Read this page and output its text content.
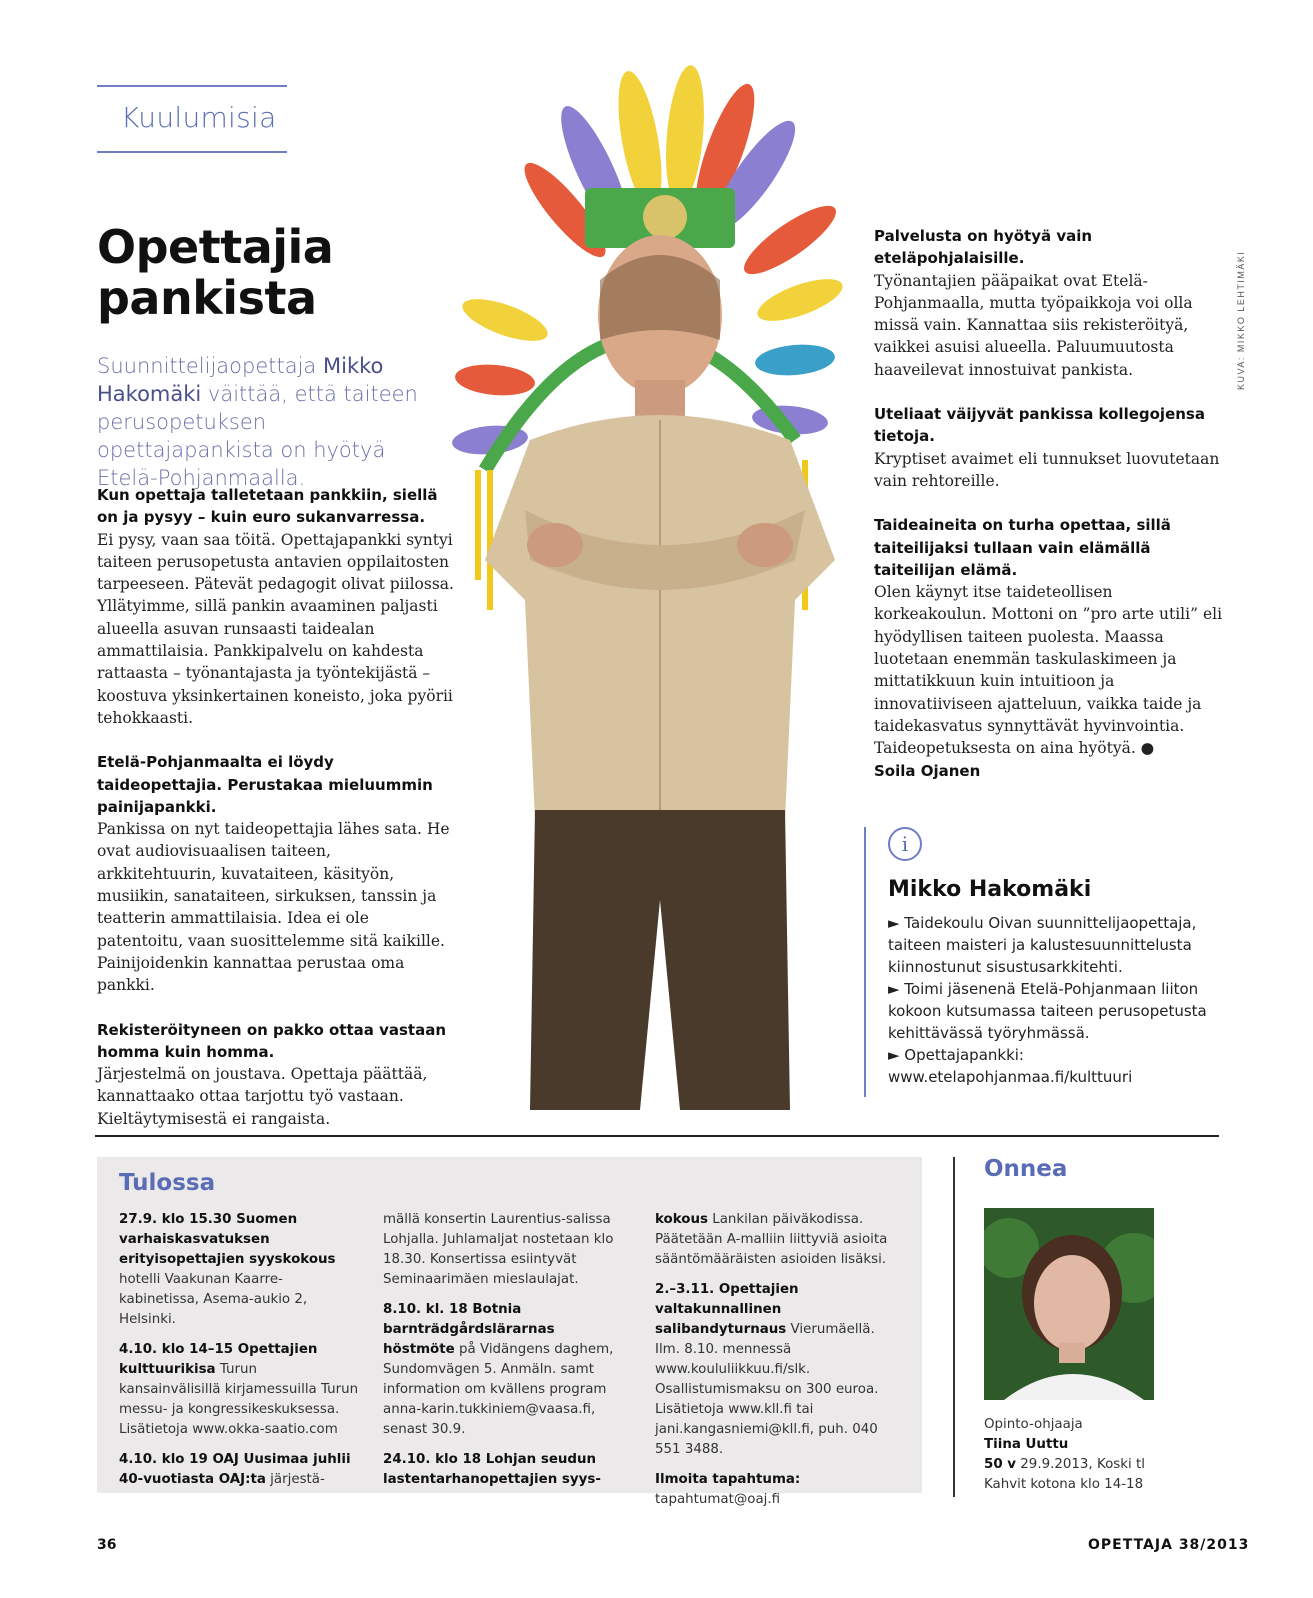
Kuulumisia
Opettajia
pankista
Suunnittelijaopettaja Mikko Hakomäki väittää, että taiteen perusopetuksen opettajapankista on hyötyä Etelä-Pohjanmaalla.

Kun opettaja talletetaan pankkiin, siellä on ja pysyy – kuin euro sukanvarressa.
Ei pysy, vaan saa töitä. Opettajapankki syntyi taiteen perusopetusta antavien oppilaitosten tarpeeseen. Pätevät pedagogit olivat piilossa. Yllätyimme, sillä pankin avaaminen paljasti alueella asuvan runsaasti taidealan ammattilaisia. Pankkipalvelu on kahdesta rattaasta – työnantajasta ja työntekijästä – koostuva yksinkertainen koneisto, joka pyörii tehokkaasti.

Etelä-Pohjanmaalta ei löydy taideopettajia. Perustakaa mieluummin painijapankki.
Pankissa on nyt taideopettajia lähes sata. He ovat audiovisuaalisen taiteen, arkkitehtuurin, kuvataiteen, käsityön, musiikin, sanataiteen, sirkuksen, tanssin ja teatterin ammattilaisia. Idea ei ole patentoitu, vaan suosittelemme sitä kaikille. Painijoidenkin kannattaa perustaa oma pankki.

Rekisteröityneen on pakko ottaa vastaan homma kuin homma.
Järjestelmä on joustava. Opettaja päättää, kannattaako ottaa tarjottu työ vastaan. Kieltäytymisestä ei rangaista.

KUVA: MIKKO LEHTIMÄKI

Palvelusta on hyötyä vain eteläpohjalaisille.
Työnantajien pääpaikat ovat Etelä-Pohjanmaalla, mutta työpaikkoja voi olla missä vain. Kannattaa siis rekisteröityä, vaikkei asuisi alueella. Paluumuutosta haaveilevat innostuivat pankista.

Uteliaat väijyvät pankissa kollegojensa tietoja.
Kryptiset avaimet eli tunnukset luovutetaan vain rehtoreille.

Taideaineita on turha opettaa, sillä taiteilijaksi tullaan vain elämällä taiteilijan elämä.
Olen käynyt itse taideteollisen korkeakoulun. Mottoni on ”pro arte utili” eli hyödyllisen taiteen puolesta. Maassa luotetaan enemmän taskulaskimeen ja mittatikkuun kuin intuitioon ja innovatiiviseen ajatteluun, vaikka taide ja taidekasvatus synnyttävät hyvinvointia. Taideopetuksesta on aina hyötyä. ●

Soila Ojanen
i
Mikko Hakomäki
► Taidekoulu Oivan suunnittelijaopettaja, taiteen maisteri ja kalustesuunnittelusta kiinnostunut sisustusarkkitehti.
► Toimi jäsenenä Etelä-Pohjanmaan liiton kokoon kutsumassa taiteen perusopetusta kehittävässä työryhmässä.
► Opettajapankki: www.etelapohjanmaa.fi/kulttuuri
Tulossa

27.9. klo 15.30 Suomen varhaiskasvatuksen erityisopettajien syyskokous hotelli Vaakunan Kaarre-kabinetissa, Asema-aukio 2, Helsinki.

4.10. klo 14–15 Opettajien kulttuurikisa Turun kansainvälisillä kirjamessuilla Turun messu- ja kongressikeskuksessa. Lisätietoja www.okka-saatio.com

4.10. klo 19 OAJ Uusimaa juhlii 40-vuotiasta OAJ:ta järjestä-

mällä konsertin Laurentius-salissa Lohjalla. Juhlamaljat nostetaan klo 18.30. Konsertissa esiintyvät Seminaarimäen mieslaulajat.

8.10. kl. 18 Botnia barnträdgårdslärarnas höstmöte på Vidängens daghem, Sundomvägen 5. Anmäln. samt information om kvällens program anna-karin.tukkiniem@vaasa.fi, senast 30.9.

24.10. klo 18 Lohjan seudun lastentarhanopettajien syys-

kokous Lankilan päiväkodissa. Päätetään A-malliin liittyviä asioita sääntömääräisten asioiden lisäksi.

2.–3.11. Opettajien valtakunnallinen salibandyturnaus Vierumäellä. Ilm. 8.10. mennessä www.koululiikkuu.fi/slk. Osallistumismaksu on 300 euroa. Lisätietoja www.kll.fi tai jani.kangasniemi@kll.fi, puh. 040 551 3488.

Ilmoita tapahtuma: tapahtumat@oaj.fi

Onnea
Opinto-ohjaaja
Tiina Uuttu
50 v 29.9.2013, Koski tl
Kahvit kotona klo 14-18
36	OPETTAJA 38/2013
